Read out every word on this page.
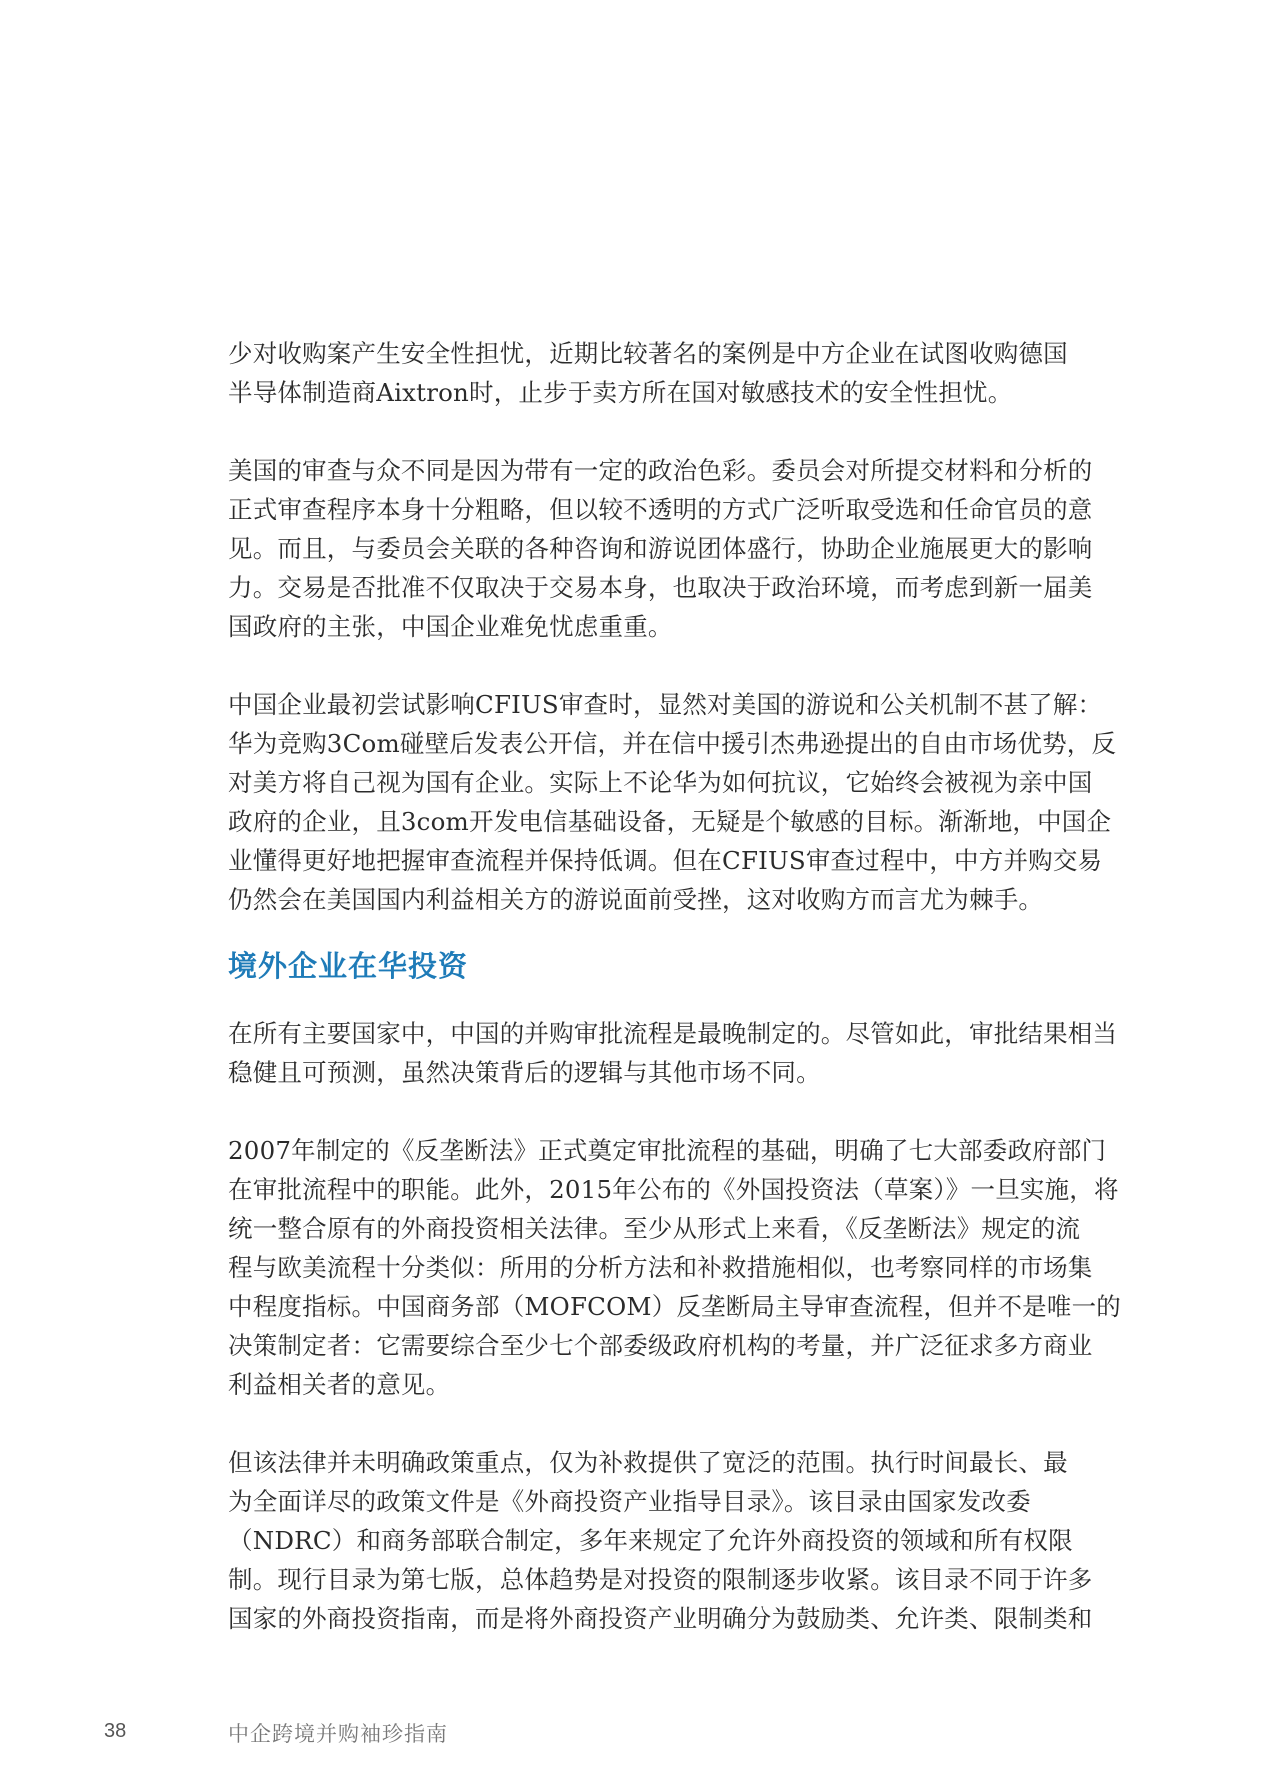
少对收购案产生安全性担忧，近期比较著名的案例是中方企业在试图收购德国
半导体制造商Aixtron时，止步于卖方所在国对敏感技术的安全性担忧。

美国的审查与众不同是因为带有一定的政治色彩。委员会对所提交材料和分析的
正式审查程序本身十分粗略，但以较不透明的方式广泛听取受选和任命官员的意
见。而且，与委员会关联的各种咨询和游说团体盛行，协助企业施展更大的影响
力。交易是否批准不仅取决于交易本身，也取决于政治环境，而考虑到新一届美
国政府的主张，中国企业难免忧虑重重。

中国企业最初尝试影响CFIUS审查时，显然对美国的游说和公关机制不甚了解：
华为竞购3Com碰壁后发表公开信，并在信中援引杰弗逊提出的自由市场优势，反
对美方将自己视为国有企业。实际上不论华为如何抗议，它始终会被视为亲中国
政府的企业，且3com开发电信基础设备，无疑是个敏感的目标。渐渐地，中国企
业懂得更好地把握审查流程并保持低调。但在CFIUS审查过程中，中方并购交易
仍然会在美国国内利益相关方的游说面前受挫，这对收购方而言尤为棘手。

境外企业在华投资

在所有主要国家中，中国的并购审批流程是最晚制定的。尽管如此，审批结果相当
稳健且可预测，虽然决策背后的逻辑与其他市场不同。

2007年制定的《反垄断法》正式奠定审批流程的基础，明确了七大部委政府部门
在审批流程中的职能。此外，2015年公布的《外国投资法（草案）》一旦实施，将
统一整合原有的外商投资相关法律。至少从形式上来看，《反垄断法》规定的流
程与欧美流程十分类似：所用的分析方法和补救措施相似，也考察同样的市场集
中程度指标。中国商务部（MOFCOM）反垄断局主导审查流程，但并不是唯一的
决策制定者：它需要综合至少七个部委级政府机构的考量，并广泛征求多方商业
利益相关者的意见。

但该法律并未明确政策重点，仅为补救提供了宽泛的范围。执行时间最长、最
为全面详尽的政策文件是《外商投资产业指导目录》。该目录由国家发改委
（NDRC）和商务部联合制定，多年来规定了允许外商投资的领域和所有权限
制。现行目录为第七版，总体趋势是对投资的限制逐步收紧。该目录不同于许多
国家的外商投资指南，而是将外商投资产业明确分为鼓励类、允许类、限制类和

38	中企跨境并购袖珍指南
